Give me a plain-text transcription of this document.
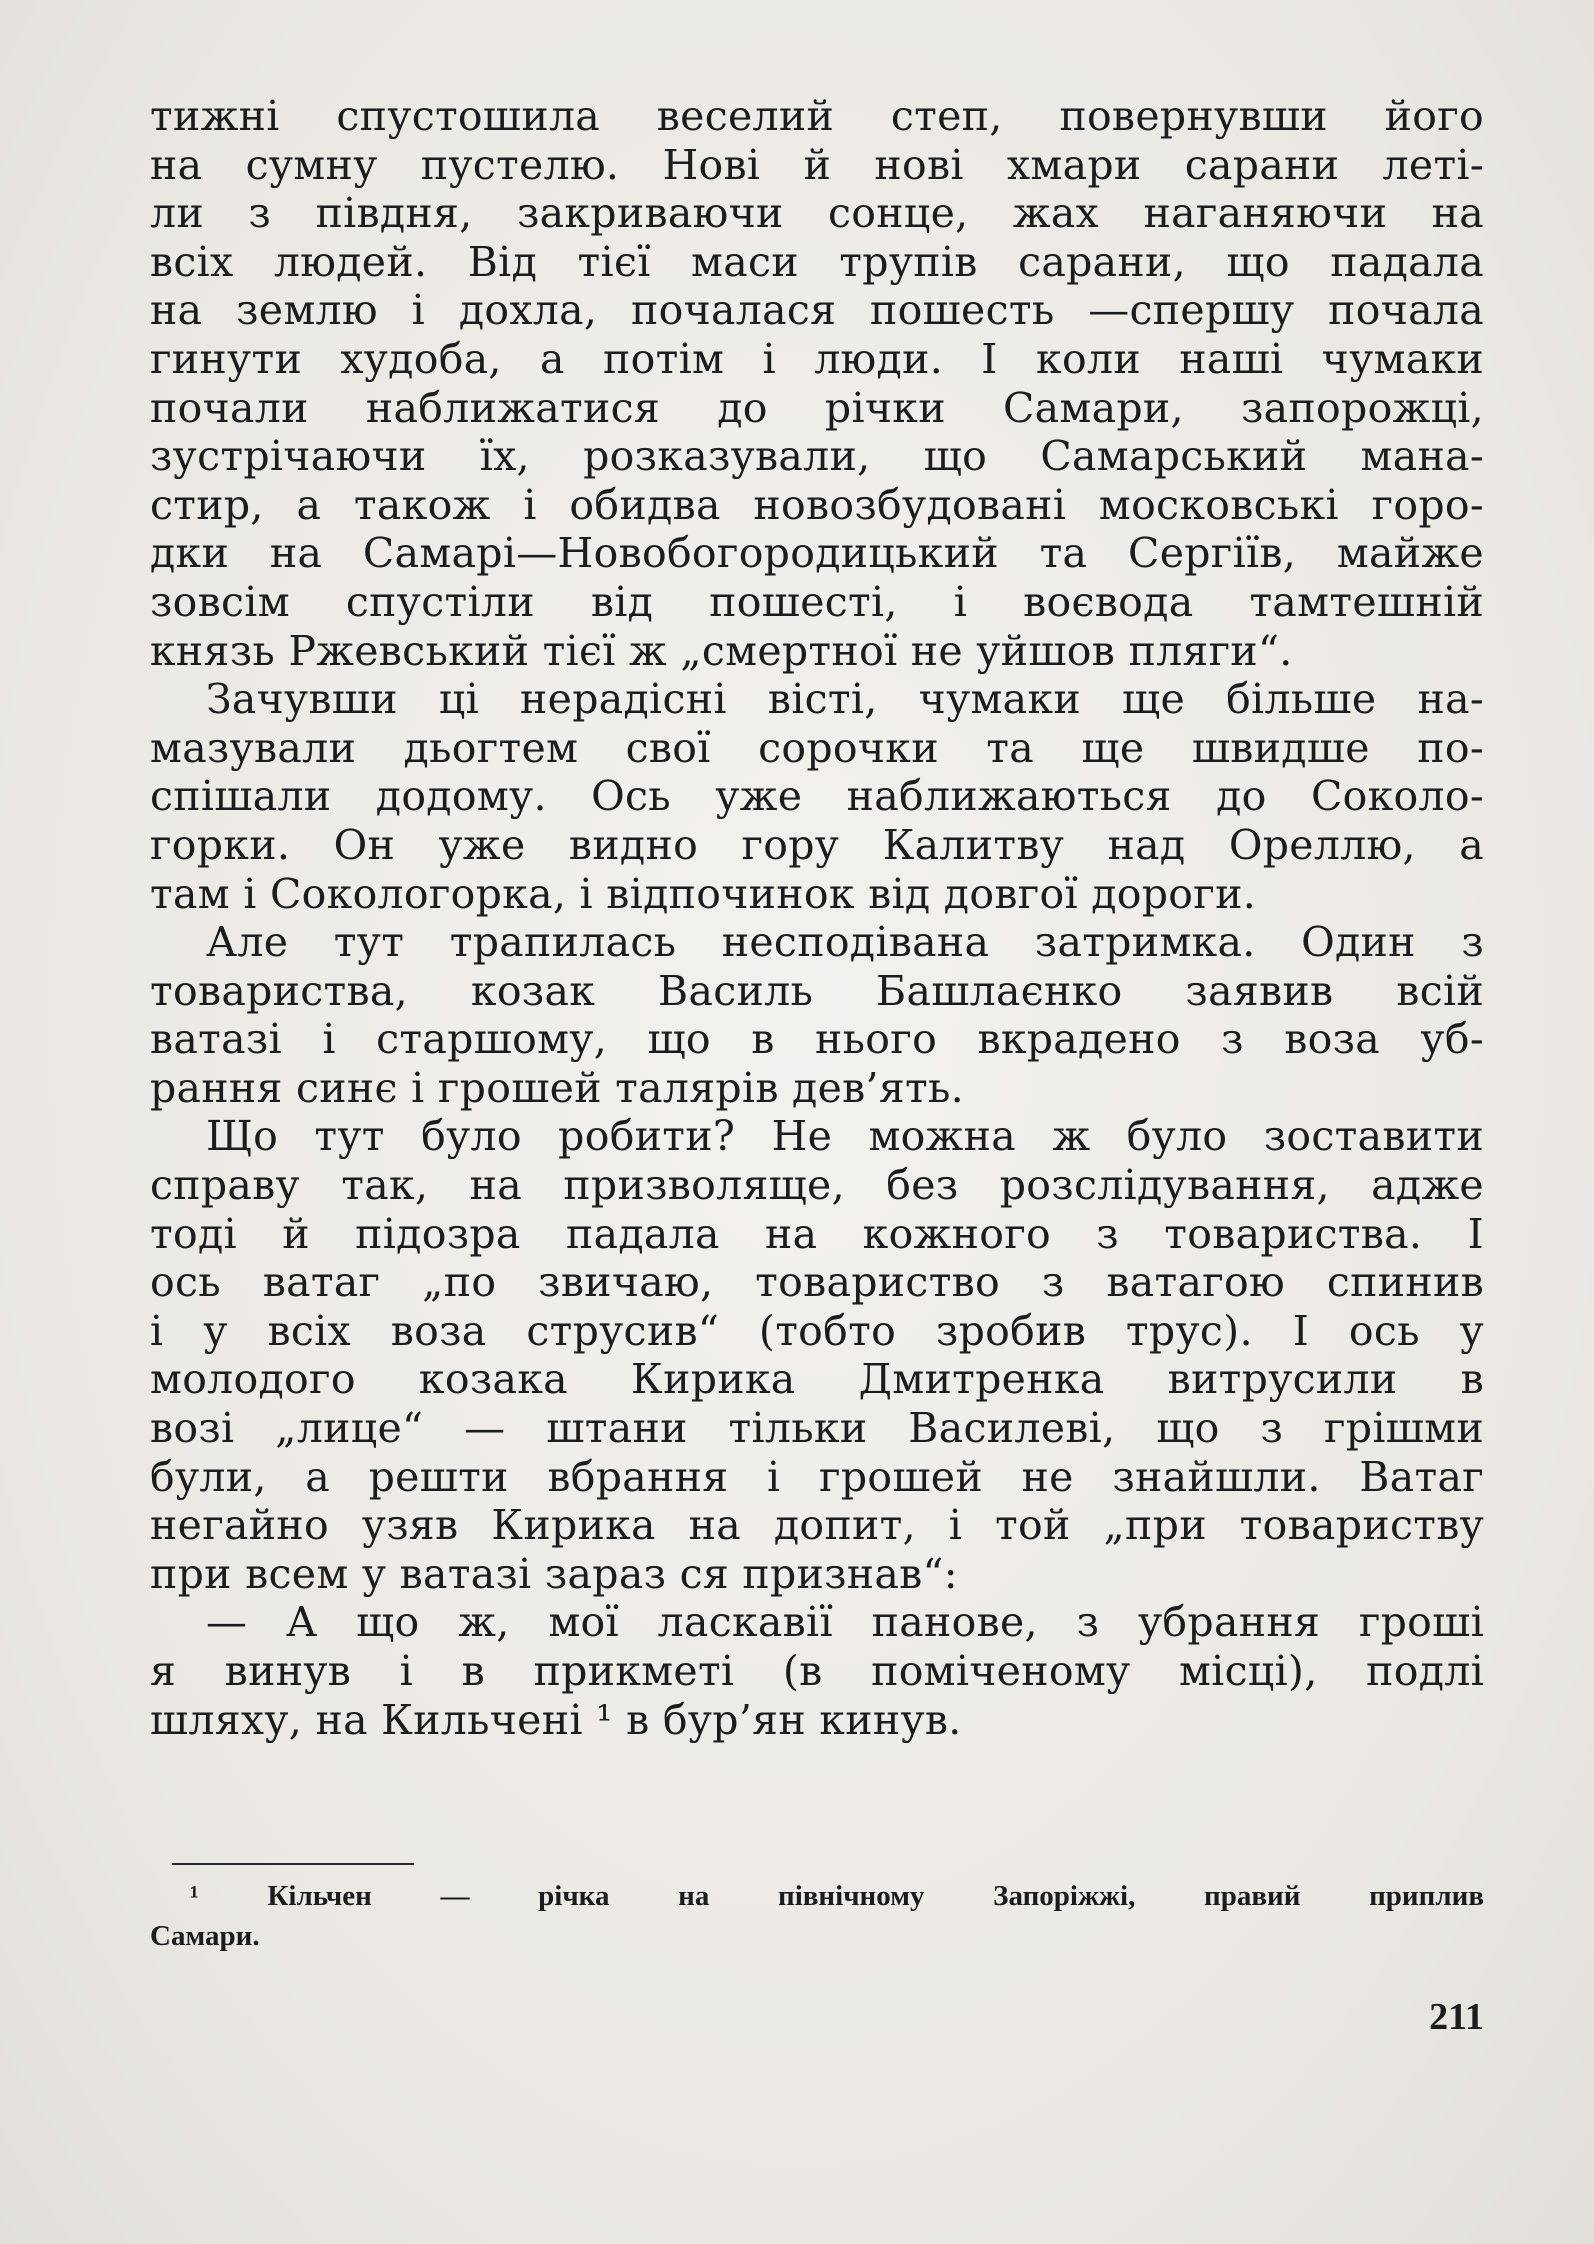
тижні спустошила веселий степ, повернувши його
на сумну пустелю. Нові й нові хмари сарани леті-
ли з півдня, закриваючи сонце, жах наганяючи на
всіх людей. Від тієї маси трупів сарани, що падала
на землю і дохла, почалася пошесть —спершу почала
гинути худоба, а потім і люди. І коли наші чумаки
почали наближатися до річки Самари, запорожці,
зустрічаючи їх, розказували, що Самарський мана-
стир, а також і обидва новозбудовані московські горо-
дки на Самарі—Новобогородицький та Сергіїв, майже
зовсім спустіли від пошесті, і воєвода тамтешній
князь Ржевський тієї ж „смертної не уйшов пляги“.
Зачувши ці нерадісні вісті, чумаки ще більше на-
мазували дьогтем свої сорочки та ще швидше по-
спішали додому. Ось уже наближаються до Соколо-
горки. Он уже видно гору Калитву над Ореллю, а
там і Сокологорка, і відпочинок від довгої дороги.
Але тут трапилась несподівана затримка. Один з
товариства, козак Василь Башлаєнко заявив всій
ватазі і старшому, що в нього вкрадено з воза уб-
рання синє і грошей талярів дев’ять.
Що тут було робити? Не можна ж було зоставити
справу так, на призволяще, без розслідування, адже
тоді й підозра падала на кожного з товариства. І
ось ватаг „по звичаю, товариство з ватагою спинив
і у всіх воза струсив“ (тобто зробив трус). І ось у
молодого козака Кирика Дмитренка витрусили в
возі „лице“ — штани тільки Василеві, що з грішми
були, а решти вбрання і грошей не знайшли. Ватаг
негайно узяв Кирика на допит, і той „при товариству
при всем у ватазі зараз ся признав“:
— А що ж, мої ласкавії панове, з убрання гроші
я винув і в прикметі (в поміченому місці), подлі
шляху, на Кильчені ¹ в бур’ян кинув.
¹ Кільчен — річка на північному Запоріжжі, правий приплив
Самари.
211
